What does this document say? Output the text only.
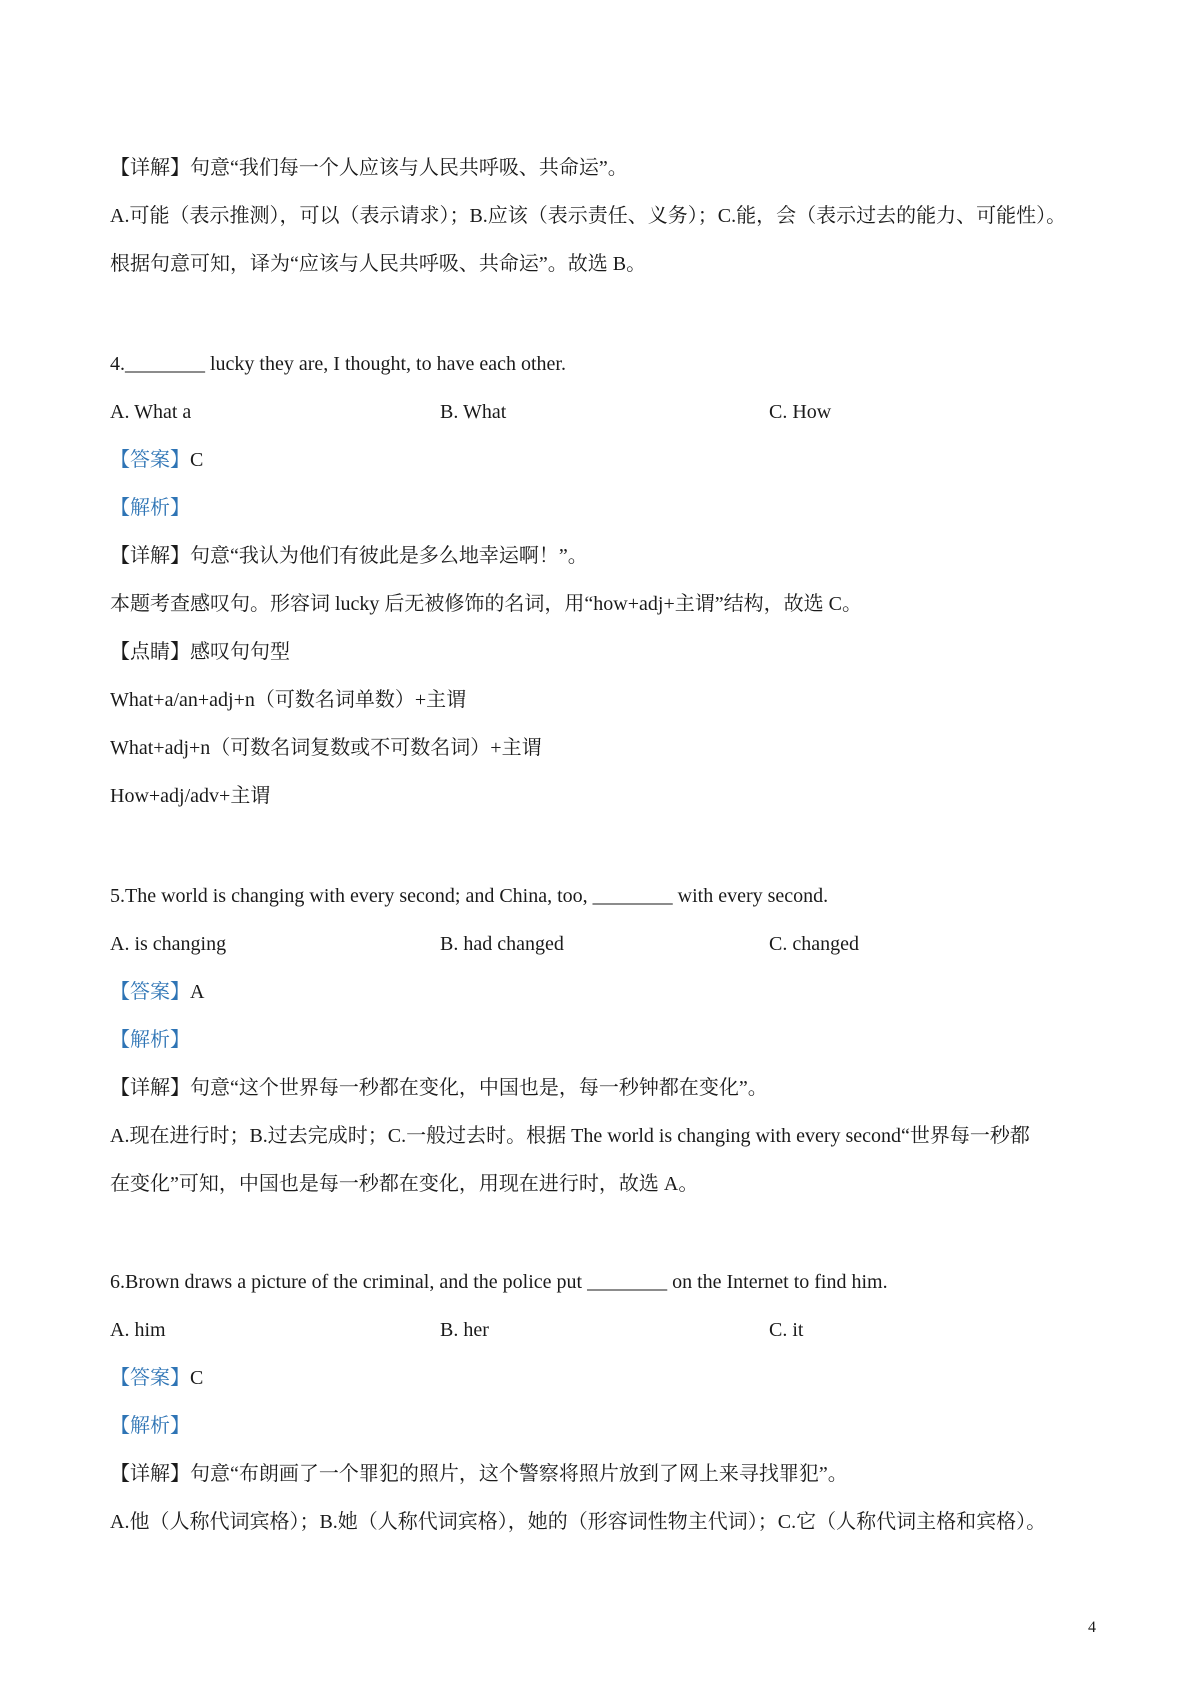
【详解】句意“我们每一个人应该与人民共呼吸、共命运”。
A.可能（表示推测），可以（表示请求）；B.应该（表示责任、义务）；C.能，会（表示过去的能力、可能性）。
根据句意可知，译为“应该与人民共呼吸、共命运”。故选 B。
4.________ lucky they are, I thought, to have each other.
A. What a	B. What	C. How
【答案】C
【解析】
【详解】句意“我认为他们有彼此是多么地幸运啊！”。
本题考查感叹句。形容词 lucky 后无被修饰的名词，用“how+adj+主谓”结构，故选 C。
【点睛】感叹句句型
What+a/an+adj+n（可数名词单数）+主谓
What+adj+n（可数名词复数或不可数名词）+主谓
How+adj/adv+主谓
5.The world is changing with every second; and China, too, ________ with every second.
A. is changing	B. had changed	C. changed
【答案】A
【解析】
【详解】句意“这个世界每一秒都在变化，中国也是，每一秒钟都在变化”。
A.现在进行时；B.过去完成时；C.一般过去时。根据 The world is changing with every second“世界每一秒都
在变化”可知，中国也是每一秒都在变化，用现在进行时，故选 A。
6.Brown draws a picture of the criminal, and the police put ________ on the Internet to find him.
A. him	B. her	C. it
【答案】C
【解析】
【详解】句意“布朗画了一个罪犯的照片，这个警察将照片放到了网上来寻找罪犯”。
A.他（人称代词宾格）；B.她（人称代词宾格），她的（形容词性物主代词）；C.它（人称代词主格和宾格）。
4
